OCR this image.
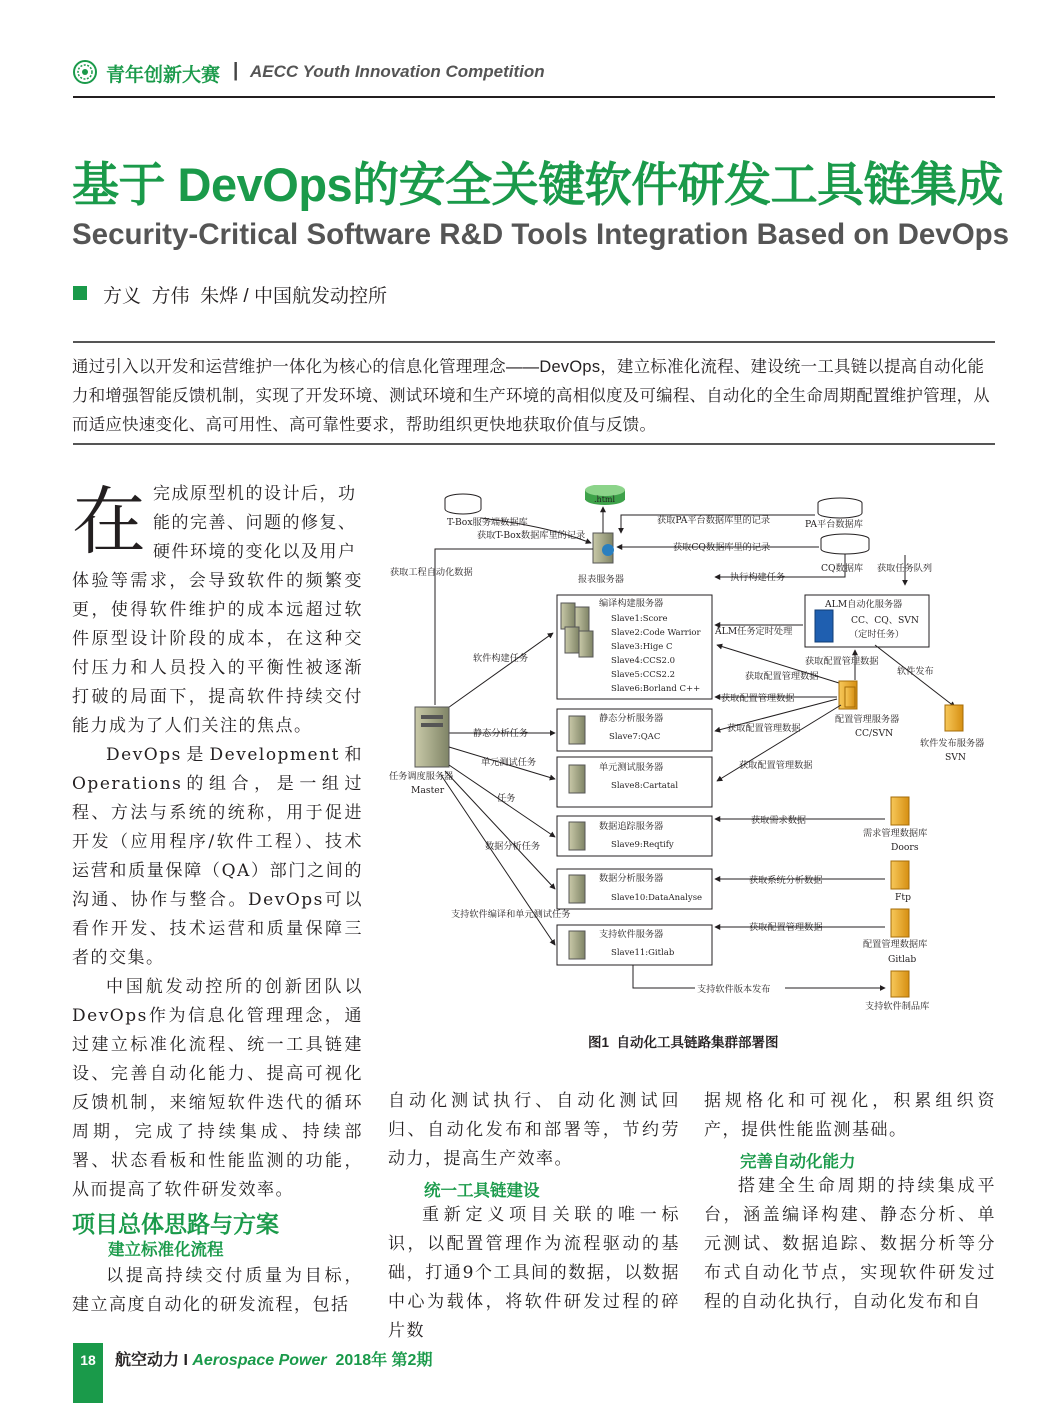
青年创新大赛 | AECC Youth Innovation Competition
基于 DevOps的安全关键软件研发工具链集成
Security-Critical Software R&D Tools Integration Based on DevOps
方义  方伟  朱烨 / 中国航发动控所
通过引入以开发和运营维护一体化为核心的信息化管理理念——DevOps，建立标准化流程、建设统一工具链以提高自动化能力和增强智能反馈机制，实现了开发环境、测试环境和生产环境的高相似度及可编程、自动化的全生命周期配置维护管理，从而适应快速变化、高可用性、高可靠性要求，帮助组织更快地获取价值与反馈。
在 完成原型机的设计后，功

能的完善、问题的修复、

硬件环境的变化以及用户

体验等需求，会导致软件的频繁变更，使得软件维护的成本远超过软件原型设计阶段的成本，在这种交付压力和人员投入的平衡性被逐渐打破的局面下，提高软件持续交付能力成为了人们关注的焦点。

DevOps是Development和Operations的组合，是一组过程、方法与系统的统称，用于促进开发（应用程序/软件工程）、技术运营和质量保障（QA）部门之间的沟通、协作与整合。DevOps可以看作开发、技术运营和质量保障三者的交集。

中国航发动控所的创新团队以DevOps作为信息化管理理念，通过建立标准化流程、统一工具链建设、完善自动化能力、提高可视化反馈机制，来缩短软件迭代的循环周期，完成了持续集成、持续部署、状态看板和性能监测的功能，从而提高了软件研发效率。

项目总体思路与方案
建立标准化流程

以提高持续交付质量为目标，建立高度自动化的研发流程，包括

自动化测试执行、自动化测试回归、自动化发布和部署等，节约劳动力，提高生产效率。

统一工具链建设

重新定义项目关联的唯一标识，以配置管理作为流程驱动的基础，打通9个工具间的数据，以数据中心为载体，将软件研发过程的碎片数

据规格化和可视化，积累组织资产，提供性能监测基础。

完善自动化能力

搭建全生命周期的持续集成平台，涵盖编译构建、静态分析、单元测试、数据追踪、数据分析等分布式自动化节点，实现软件研发过程的自动化执行，自动化发布和自

T-Box服务端数据库
获取T-Box数据库里的记录
.html
获取PA平台数据库里的记录	PA平台数据库
获取CQ数据库里的记录
报表服务器
获取工程自动化数据	执行构建任务
CQ数据库 获取任务队列
编译构建服务器
Slave1:Score
Slave2:Code Warrior
Slave3:Hige C
Slave4:CCS2.0
Slave5:CCS2.2
Slave6:Borland C++
ALM自动化服务器
CC、CQ、SVN
（定时任务）
ALM任务定时处理
软件构建任务	获取配置管理数据
获取配置管理数据	软件发布
获取配置管理数据
配置管理服务器
CC/SVN
软件发布服务器
SVN
静态分析服务器
Slave7:QAC
静态分析任务	获取配置管理数据
任务调度服务器
Master
单元测试服务器
Slave8:Cartatal
单元测试任务	获取配置管理数据
任务
数据追踪服务器
Slave9:Reqtify
获取需求数据
需求管理数据库
Doors
数据分析任务
数据分析服务器
Slave10:DataAnalyse
获取系统分析数据
Ftp
支持软件编译和单元测试任务
支持软件服务器
Slave11:Gitlab
获取配置管理数据
配置管理数据库
Gitlab
支持软件版本发布
支持软件制品库
图1  自动化工具链路集群部署图
18	航空动力 I Aerospace Power  2018年 第2期
